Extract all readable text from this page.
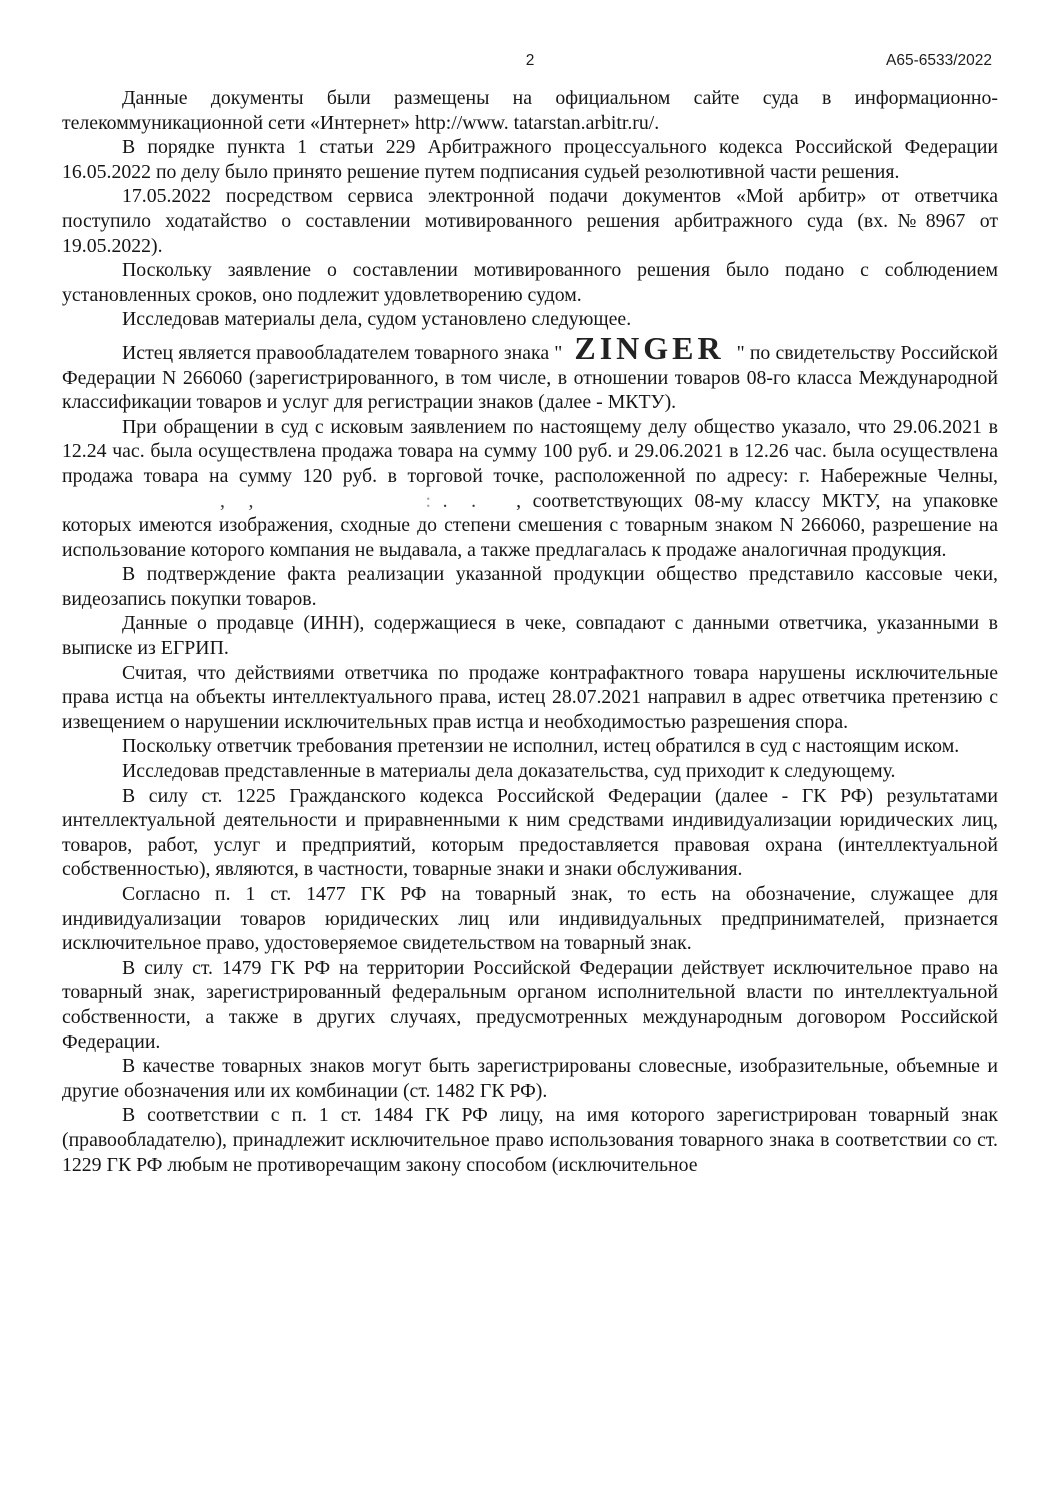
2	А65-6533/2022

Данные документы были размещены на официальном сайте суда в информационно-телекоммуникационной сети «Интернет» http://www. tatarstan.arbitr.ru/.

В порядке пункта 1 статьи 229 Арбитражного процессуального кодекса Российской Федерации 16.05.2022 по делу было принято решение путем подписания судьей резолютивной части решения.

17.05.2022 посредством сервиса электронной подачи документов «Мой арбитр» от ответчика поступило ходатайство о составлении мотивированного решения арбитражного суда (вх.№8967 от 19.05.2022).

Поскольку заявление о составлении мотивированного решения было подано с соблюдением установленных сроков, оно подлежит удовлетворению судом.

Исследовав материалы дела, судом установлено следующее.

Истец является правообладателем товарного знака " ZINGER " по свидетельству Российской Федерации N 266060 (зарегистрированного, в том числе, в отношении товаров 08-го класса Международной классификации товаров и услуг для регистрации знаков (далее - МКТУ).

При обращении в суд с исковым заявлением по настоящему делу общество указало, что 29.06.2021 в 12.24 час. была осуществлена продажа товара на сумму 100 руб. и 29.06.2021 в 12.26 час. была осуществлена продажа товара на сумму 120 руб. в торговой точке, расположенной по адресу: г. Набережные Челны,, ,	: . . , соответствующих 08-му классу МКТУ, на упаковке которых имеются изображения, сходные до степени смешения с товарным знаком N 266060, разрешение на использование которого компания не выдавала, а также предлагалась к продаже аналогичная продукция.

В подтверждение факта реализации указанной продукции общество представило кассовые чеки, видеозапись покупки товаров.

Данные о продавце (ИНН), содержащиеся в чеке, совпадают с данными ответчика, указанными в выписке из ЕГРИП.

Считая, что действиями ответчика по продаже контрафактного товара нарушены исключительные права истца на объекты интеллектуального права, истец 28.07.2021 направил в адрес ответчика претензию с извещением о нарушении исключительных прав истца и необходимостью разрешения спора.

Поскольку ответчик требования претензии не исполнил, истец обратился в суд с настоящим иском.

Исследовав представленные в материалы дела доказательства, суд приходит к следующему.

В силу ст. 1225 Гражданского кодекса Российской Федерации (далее - ГК РФ) результатами интеллектуальной деятельности и приравненными к ним средствами индивидуализации юридических лиц, товаров, работ, услуг и предприятий, которым предоставляется правовая охрана (интеллектуальной собственностью), являются, в частности, товарные знаки и знаки обслуживания.

Согласно п. 1 ст. 1477 ГК РФ на товарный знак, то есть на обозначение, служащее для индивидуализации товаров юридических лиц или индивидуальных предпринимателей, признается исключительное право, удостоверяемое свидетельством на товарный знак.

В силу ст. 1479 ГК РФ на территории Российской Федерации действует исключительное право на товарный знак, зарегистрированный федеральным органом исполнительной власти по интеллектуальной собственности, а также в других случаях, предусмотренных международным договором Российской Федерации.

В качестве товарных знаков могут быть зарегистрированы словесные, изобразительные, объемные и другие обозначения или их комбинации (ст. 1482 ГК РФ).

В соответствии с п. 1 ст. 1484 ГК РФ лицу, на имя которого зарегистрирован товарный знак (правообладателю), принадлежит исключительное право использования товарного знака в соответствии со ст. 1229 ГК РФ любым не противоречащим закону способом (исключительное
